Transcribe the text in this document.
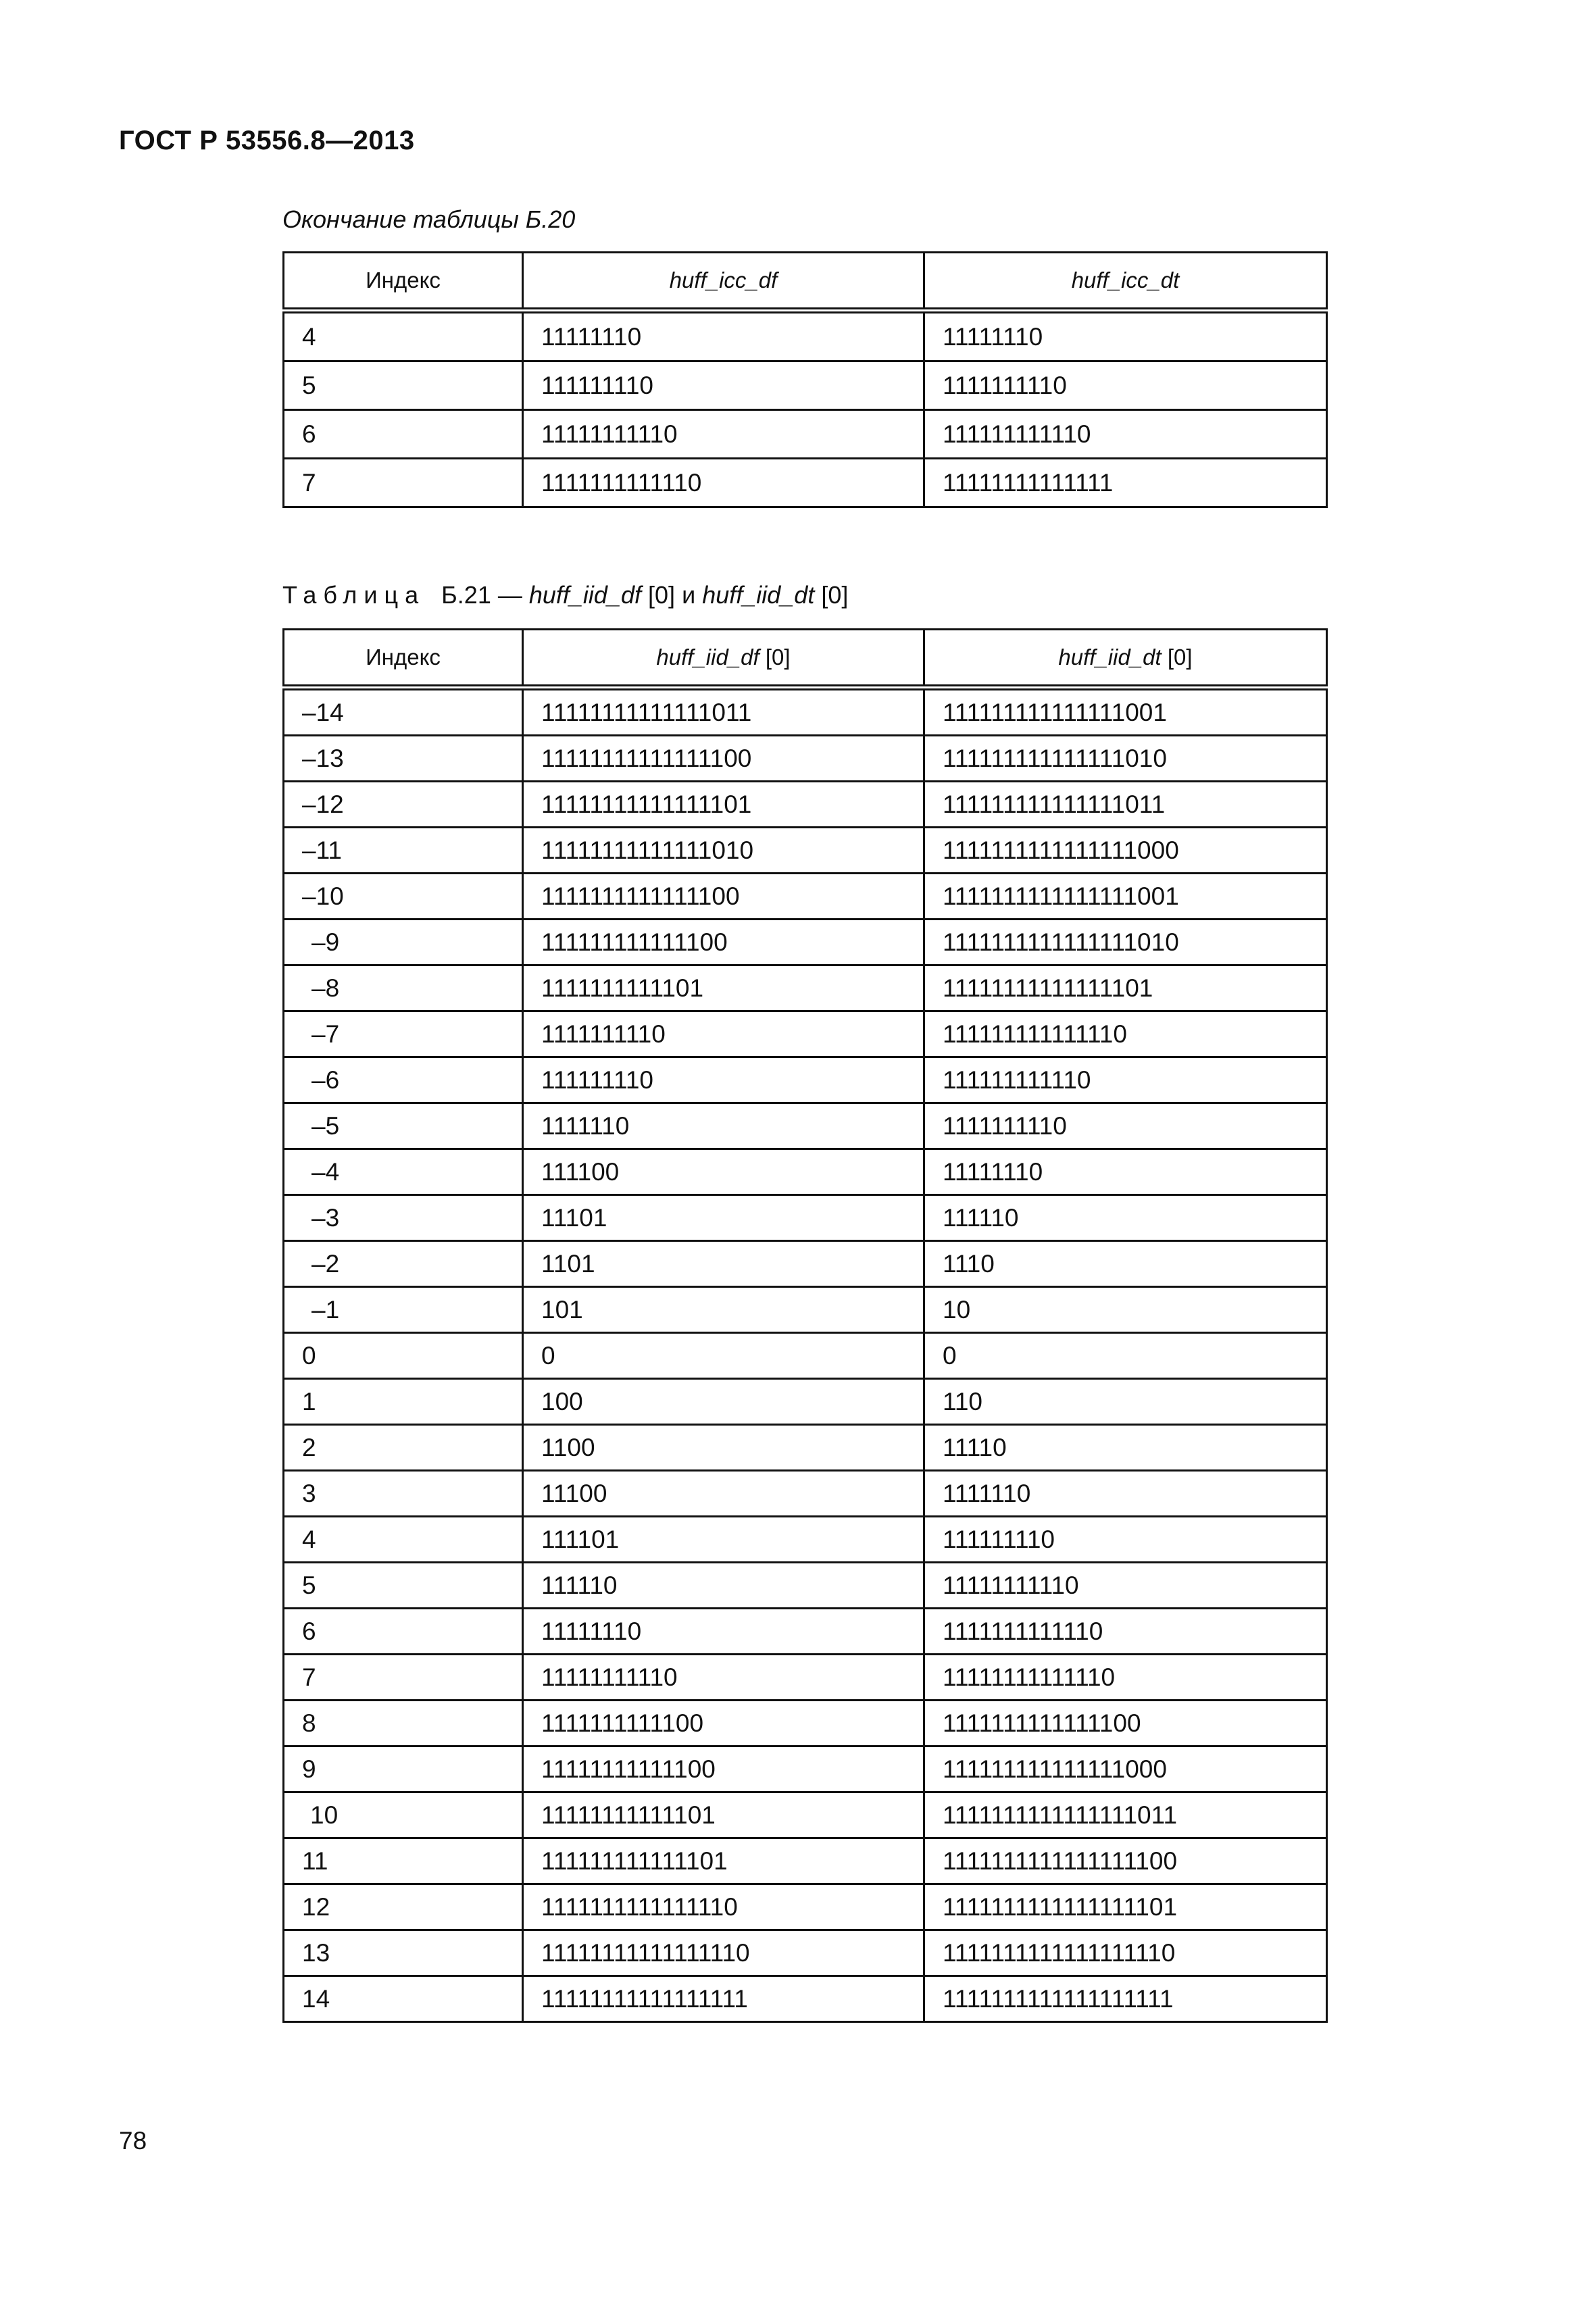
ГОСТ Р 53556.8—2013
Окончание таблицы Б.20
Индекс	huff_icc_df	huff_icc_dt
4	11111110	11111110
5	111111110	1111111110
6	11111111110	111111111110
7	1111111111110	11111111111111
Таблица Б.21 — huff_iid_df [0] и huff_iid_dt [0]
Индекс	huff_iid_df [0]	huff_iid_dt [0]
–14	11111111111111011	111111111111111001
–13	11111111111111100	111111111111111010
–12	11111111111111101	111111111111111011
–11	11111111111111010	1111111111111111000
–10	1111111111111100	1111111111111111001
–9	111111111111100	1111111111111111010
–8	1111111111101	11111111111111101
–7	1111111110	111111111111110
–6	111111110	111111111110
–5	1111110	1111111110
–4	111100	11111110
–3	11101	111110
–2	1101	1110
–1	101	10
0	0	0
1	100	110
2	1100	11110
3	11100	1111110
4	111101	111111110
5	111110	11111111110
6	11111110	1111111111110
7	11111111110	11111111111110
8	1111111111100	1111111111111100
9	11111111111100	111111111111111000
10	11111111111101	1111111111111111011
11	111111111111101	1111111111111111100
12	1111111111111110	1111111111111111101
13	11111111111111110	1111111111111111110
14	11111111111111111	1111111111111111111
78
